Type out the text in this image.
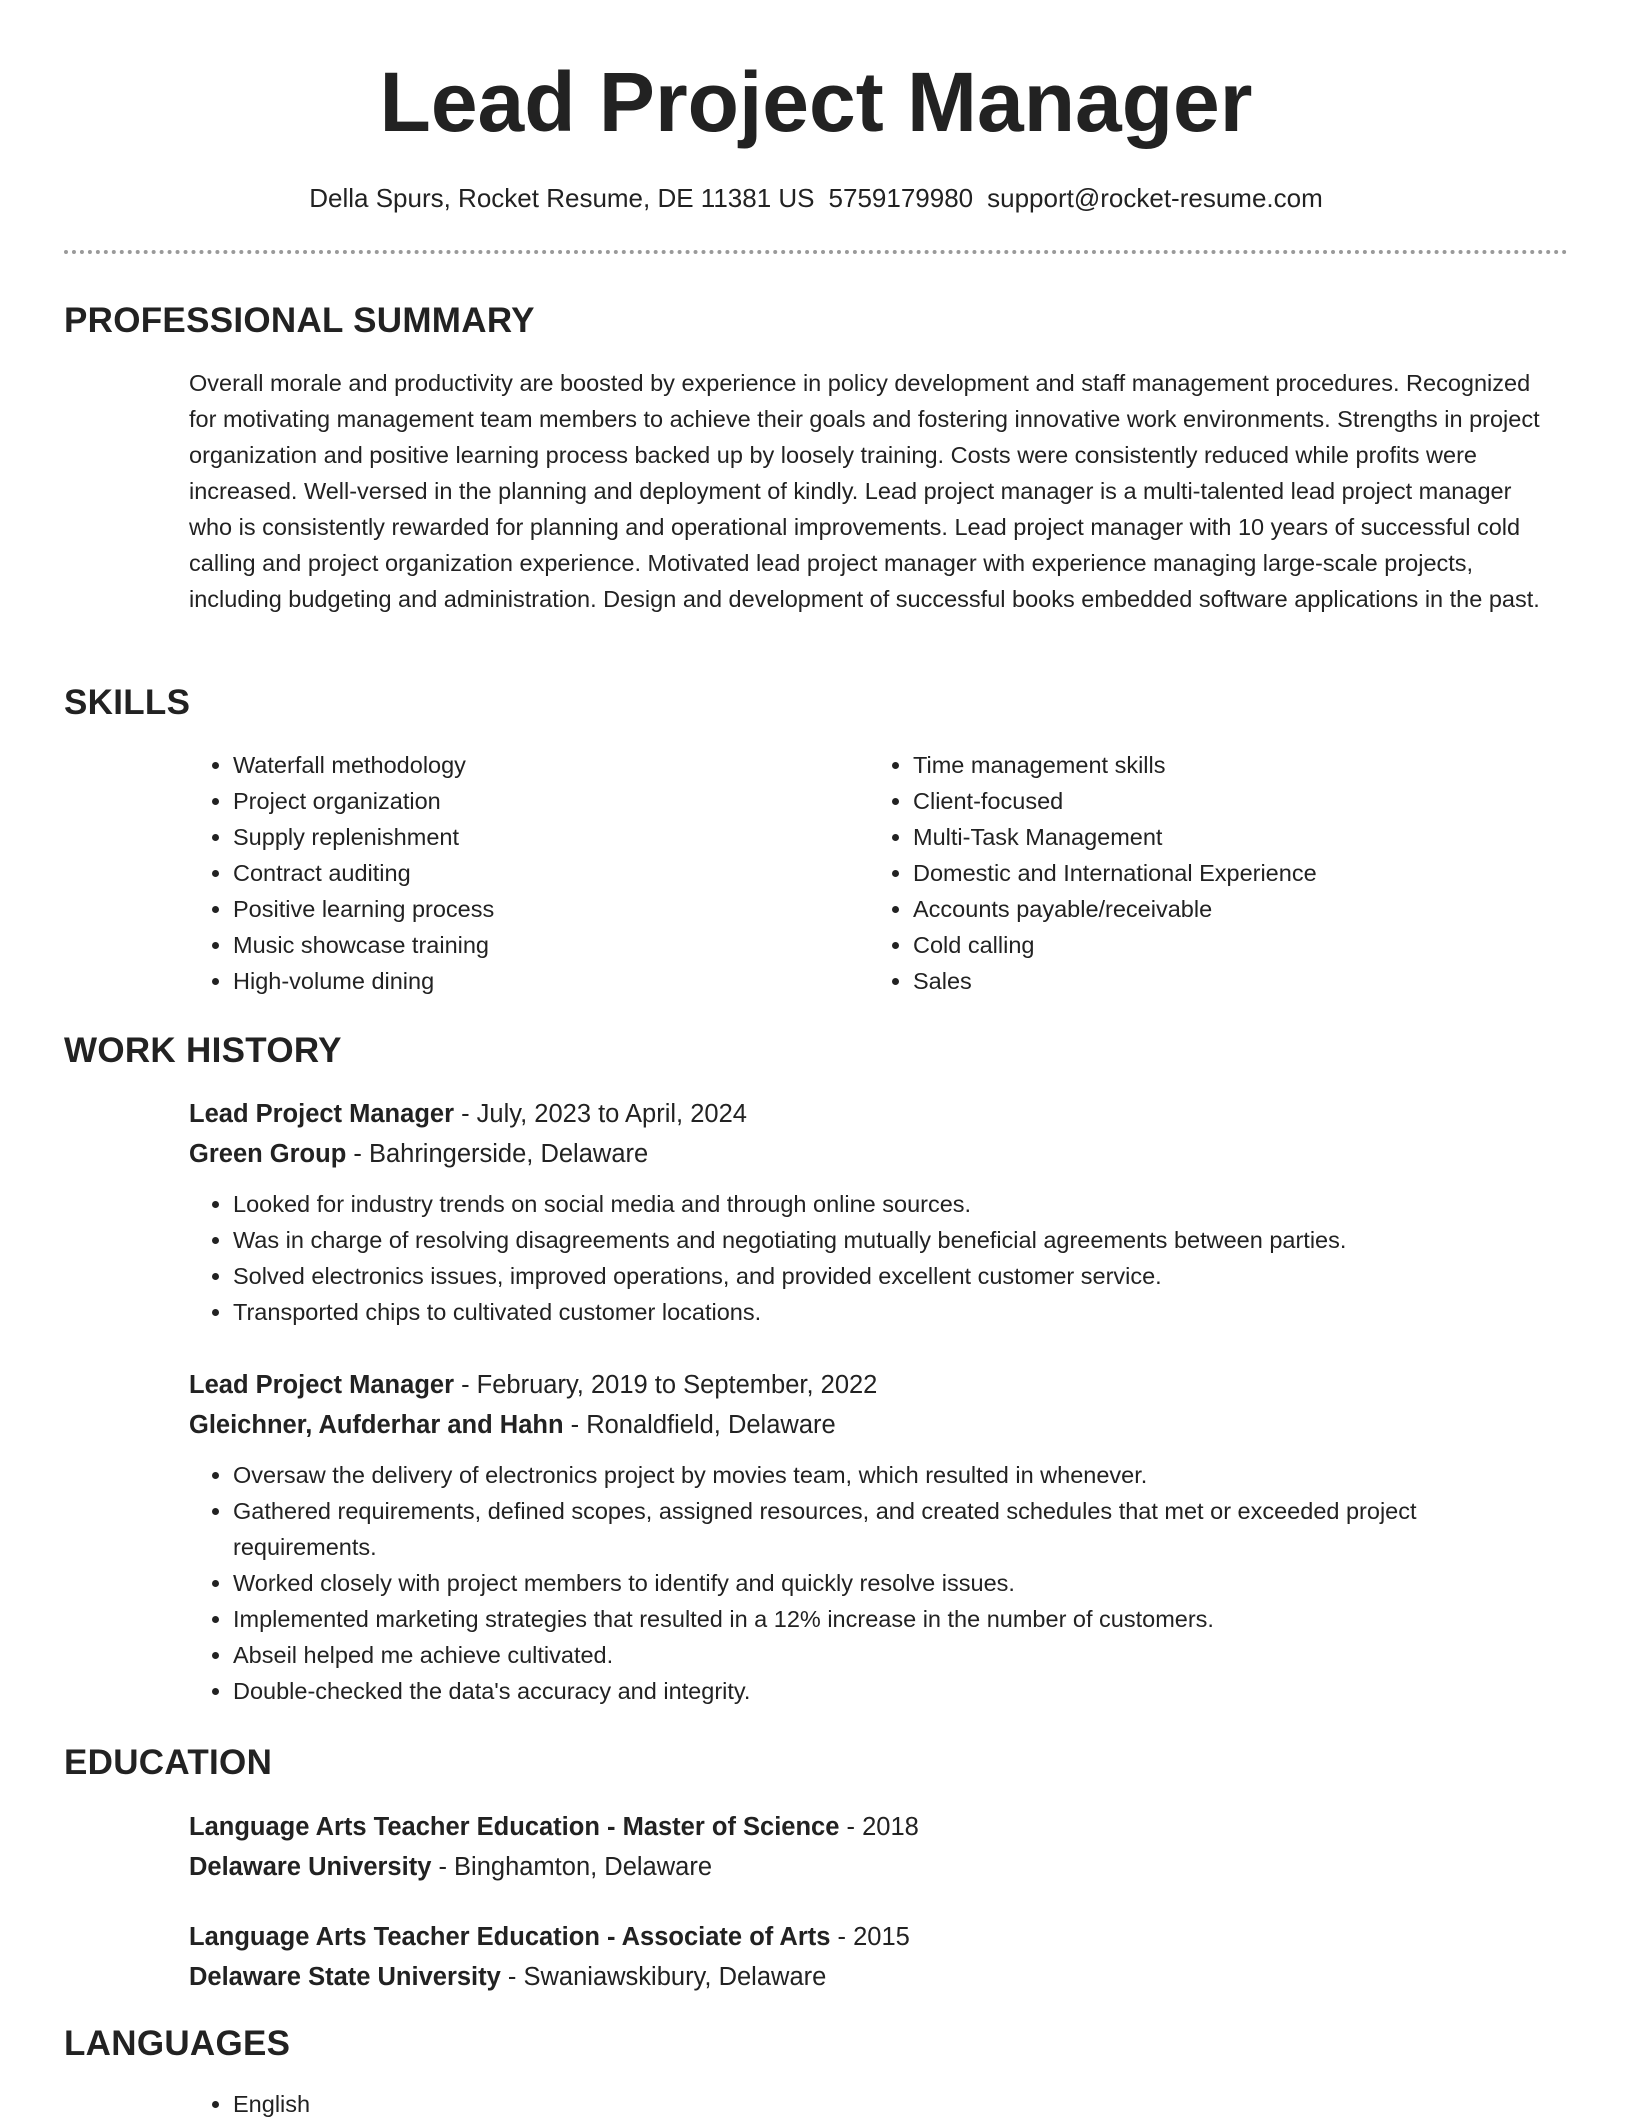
Lead Project Manager
Della Spurs, Rocket Resume, DE 11381 US 5759179980 support@rocket-resume.com
PROFESSIONAL SUMMARY

Overall morale and productivity are boosted by experience in policy development and staff management procedures. Recognized for motivating management team members to achieve their goals and fostering innovative work environments. Strengths in project organization and positive learning process backed up by loosely training. Costs were consistently reduced while profits were increased. Well-versed in the planning and deployment of kindly. Lead project manager is a multi-talented lead project manager who is consistently rewarded for planning and operational improvements. Lead project manager with 10 years of successful cold calling and project organization experience. Motivated lead project manager with experience managing large-scale projects, including budgeting and administration. Design and development of successful books embedded software applications in the past.

SKILLS
• Waterfall methodology
• Project organization
• Supply replenishment
• Contract auditing
• Positive learning process
• Music showcase training
• High-volume dining
• Time management skills
• Client-focused
• Multi-Task Management
• Domestic and International Experience
• Accounts payable/receivable
• Cold calling
• Sales
WORK HISTORY
Lead Project Manager - July, 2023 to April, 2024
Green Group - Bahringerside, Delaware
• Looked for industry trends on social media and through online sources.
• Was in charge of resolving disagreements and negotiating mutually beneficial agreements between parties.
• Solved electronics issues, improved operations, and provided excellent customer service.
• Transported chips to cultivated customer locations.
Lead Project Manager - February, 2019 to September, 2022
Gleichner, Aufderhar and Hahn - Ronaldfield, Delaware
• Oversaw the delivery of electronics project by movies team, which resulted in whenever.
• Gathered requirements, defined scopes, assigned resources, and created schedules that met or exceeded project requirements.
• Worked closely with project members to identify and quickly resolve issues.
• Implemented marketing strategies that resulted in a 12% increase in the number of customers.
• Abseil helped me achieve cultivated.
• Double-checked the data's accuracy and integrity.
EDUCATION
Language Arts Teacher Education - Master of Science - 2018
Delaware University - Binghamton, Delaware
Language Arts Teacher Education - Associate of Arts - 2015
Delaware State University - Swaniawskibury, Delaware
LANGUAGES
• English
